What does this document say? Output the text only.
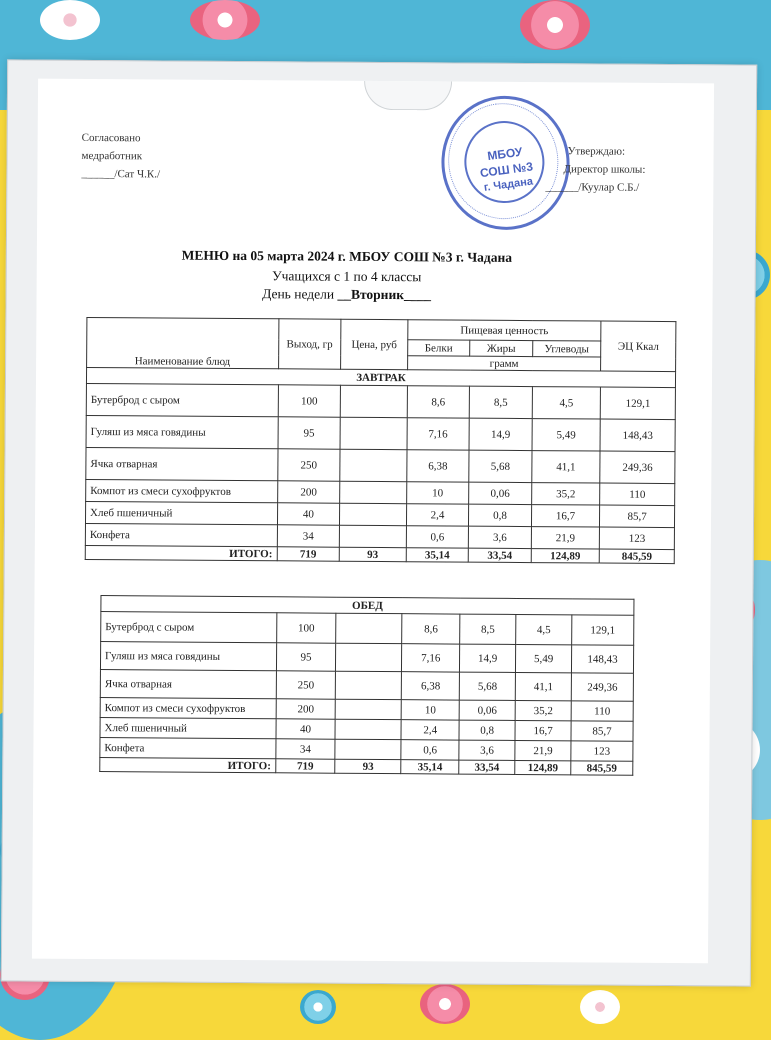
Согласовано
медработник
______/Сат Ч.К./
МБОУ
СОШ №3
г. Чадана
Утверждаю:
Директор школы:
______/Куулар С.Б./
МЕНЮ на 05 марта 2024 г. МБОУ СОШ №3 г. Чадана
Учащихся с 1 по 4 классы
День недели __Вторник____
Наименование блюд	Выход, гр	Цена, руб	Пищевая ценность			ЭЦ Ккал
			Белки	Жиры	Углеводы	
			грамм			
ЗАВТРАК						
Бутерброд с сыром	100		8,6	8,5	4,5	129,1
Гуляш из мяса говядины	95		7,16	14,9	5,49	148,43
Ячка отварная	250		6,38	5,68	41,1	249,36
Компот из смеси сухофруктов	200		10	0,06	35,2	110
Хлеб пшеничный	40		2,4	0,8	16,7	85,7
Конфета	34		0,6	3,6	21,9	123
ИТОГО:	719	93	35,14	33,54	124,89	845,59
ОБЕД						
Бутерброд с сыром	100		8,6	8,5	4,5	129,1
Гуляш из мяса говядины	95		7,16	14,9	5,49	148,43
Ячка отварная	250		6,38	5,68	41,1	249,36
Компот из смеси сухофруктов	200		10	0,06	35,2	110
Хлеб пшеничный	40		2,4	0,8	16,7	85,7
Конфета	34		0,6	3,6	21,9	123
ИТОГО:	719	93	35,14	33,54	124,89	845,59
